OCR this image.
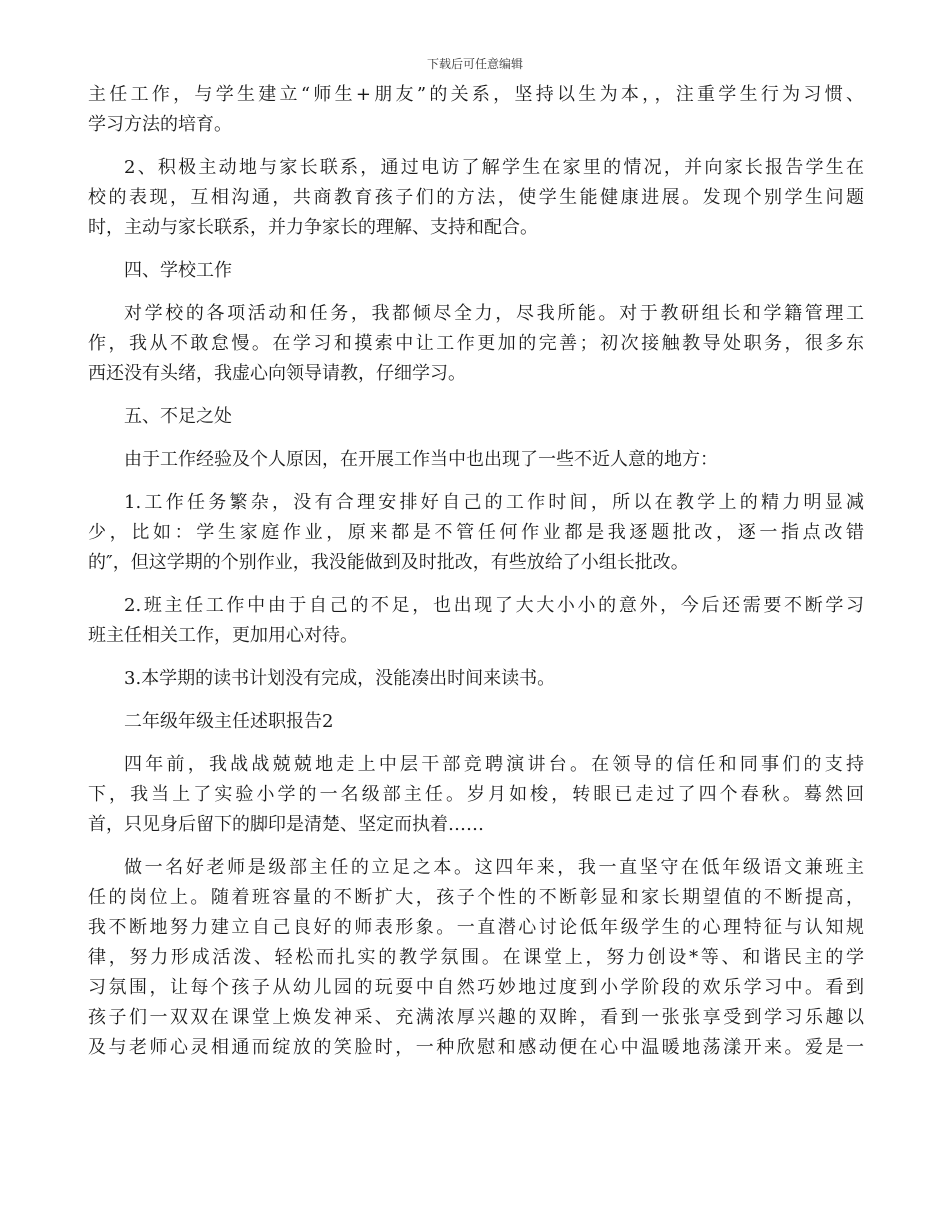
下载后可任意编辑
主任工作，与学生建立“师生+朋友”的关系，坚持以生为本，，注重学生行为习惯、
学习方法的培育。
2、积极主动地与家长联系，通过电访了解学生在家里的情况，并向家长报告学生在
校的表现，互相沟通，共商教育孩子们的方法，使学生能健康进展。发现个别学生问题
时，主动与家长联系，并力争家长的理解、支持和配合。
四、学校工作
对学校的各项活动和任务，我都倾尽全力，尽我所能。对于教研组长和学籍管理工
作，我从不敢怠慢。在学习和摸索中让工作更加的完善；初次接触教导处职务，很多东
西还没有头绪，我虚心向领导请教，仔细学习。
五、不足之处
由于工作经验及个人原因，在开展工作当中也出现了一些不近人意的地方：
1.工作任务繁杂，没有合理安排好自己的工作时间，所以在教学上的精力明显减
少，比如：学生家庭作业，原来都是不管任何作业都是我逐题批改，逐一指点改错
的″，但这学期的个别作业，我没能做到及时批改，有些放给了小组长批改。
2.班主任工作中由于自己的不足，也出现了大大小小的意外，今后还需要不断学习
班主任相关工作，更加用心对待。
3.本学期的读书计划没有完成，没能凑出时间来读书。
二年级年级主任述职报告2
四年前，我战战兢兢地走上中层干部竞聘演讲台。在领导的信任和同事们的支持
下，我当上了实验小学的一名级部主任。岁月如梭，转眼已走过了四个春秋。蓦然回
首，只见身后留下的脚印是清楚、坚定而执着……
做一名好老师是级部主任的立足之本。这四年来，我一直坚守在低年级语文兼班主
任的岗位上。随着班容量的不断扩大，孩子个性的不断彰显和家长期望值的不断提高，
我不断地努力建立自己良好的师表形象。一直潜心讨论低年级学生的心理特征与认知规
律，努力形成活泼、轻松而扎实的教学氛围。在课堂上，努力创设*等、和谐民主的学
习氛围，让每个孩子从幼儿园的玩耍中自然巧妙地过度到小学阶段的欢乐学习中。看到
孩子们一双双在课堂上焕发神采、充满浓厚兴趣的双眸，看到一张张享受到学习乐趣以
及与老师心灵相通而绽放的笑脸时，一种欣慰和感动便在心中温暖地荡漾开来。爱是一
